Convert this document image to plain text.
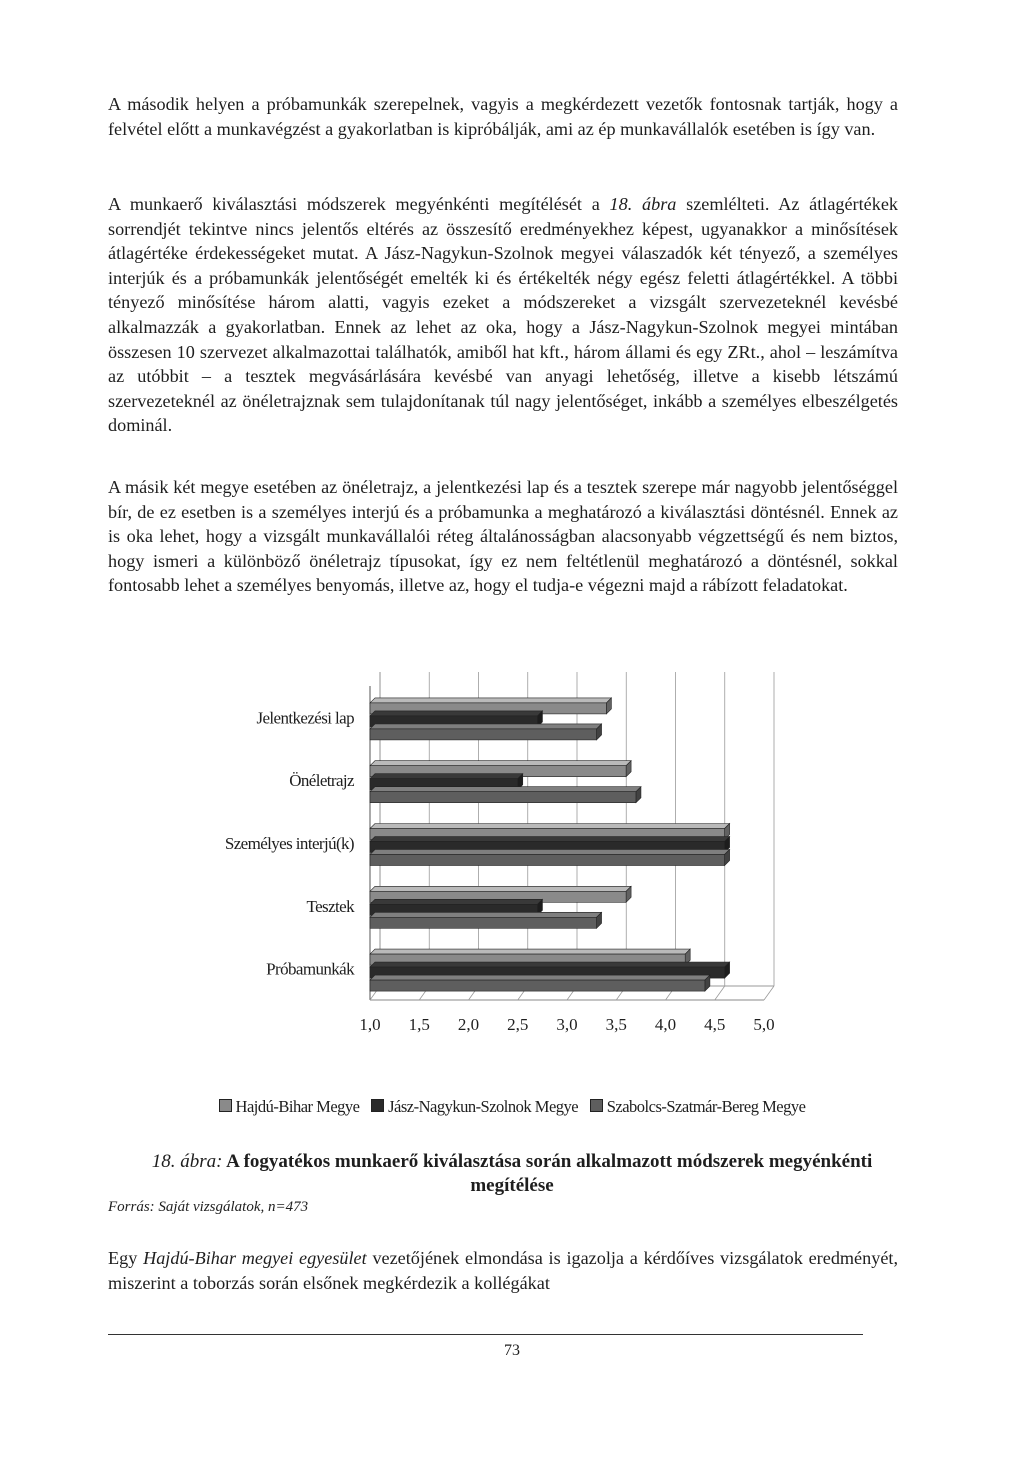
A második helyen a próbamunkák szerepelnek, vagyis a megkérdezett vezetők fontosnak tartják, hogy a felvétel előtt a munkavégzést a gyakorlatban is kipróbálják, ami az ép munkavállalók esetében is így van.

A munkaerő kiválasztási módszerek megyénkénti megítélését a 18. ábra szemlélteti. Az átlagértékek sorrendjét tekintve nincs jelentős eltérés az összesítő eredményekhez képest, ugyanakkor a minősítések átlagértéke érdekességeket mutat. A Jász-Nagykun-Szolnok megyei válaszadók két tényező, a személyes interjúk és a próbamunkák jelentőségét emelték ki és értékelték négy egész feletti átlagértékkel. A többi tényező minősítése három alatti, vagyis ezeket a módszereket a vizsgált szervezeteknél kevésbé alkalmazzák a gyakorlatban. Ennek az lehet az oka, hogy a Jász-Nagykun-Szolnok megyei mintában összesen 10 szervezet alkalmazottai találhatók, amiből hat kft., három állami és egy ZRt., ahol – leszámítva az utóbbit – a tesztek megvásárlására kevésbé van anyagi lehetőség, illetve a kisebb létszámú szervezeteknél az önéletrajznak sem tulajdonítanak túl nagy jelentőséget, inkább a személyes elbeszélgetés dominál.

A másik két megye esetében az önéletrajz, a jelentkezési lap és a tesztek szerepe már nagyobb jelentőséggel bír, de ez esetben is a személyes interjú és a próbamunka a meghatározó a kiválasztási döntésnél. Ennek az is oka lehet, hogy a vizsgált munkavállalói réteg általánosságban alacsonyabb végzettségű és nem biztos, hogy ismeri a különböző önéletrajz típusokat, így ez nem feltétlenül meghatározó a döntésnél, sokkal fontosabb lehet a személyes benyomás, illetve az, hogy el tudja-e végezni majd a rábízott feladatokat.

1,0 1,5 2,0 2,5 3,0 3,5 4,0 4,5 5,0
Jelentkezési lap
Önéletrajz
Személyes interjú(k)
Tesztek
Próbamunkák
Hajdú-Bihar Megye Jász-Nagykun-Szolnok Megye Szabolcs-Szatmár-Bereg Megye
18. ábra: A fogyatékos munkaerő kiválasztása során alkalmazott módszerek megyénkénti megítélése
Forrás: Saját vizsgálatok, n=473

Egy Hajdú-Bihar megyei egyesület vezetőjének elmondása is igazolja a kérdőíves vizsgálatok eredményét, miszerint a toborzás során elsőnek megkérdezik a kollégákat

73
